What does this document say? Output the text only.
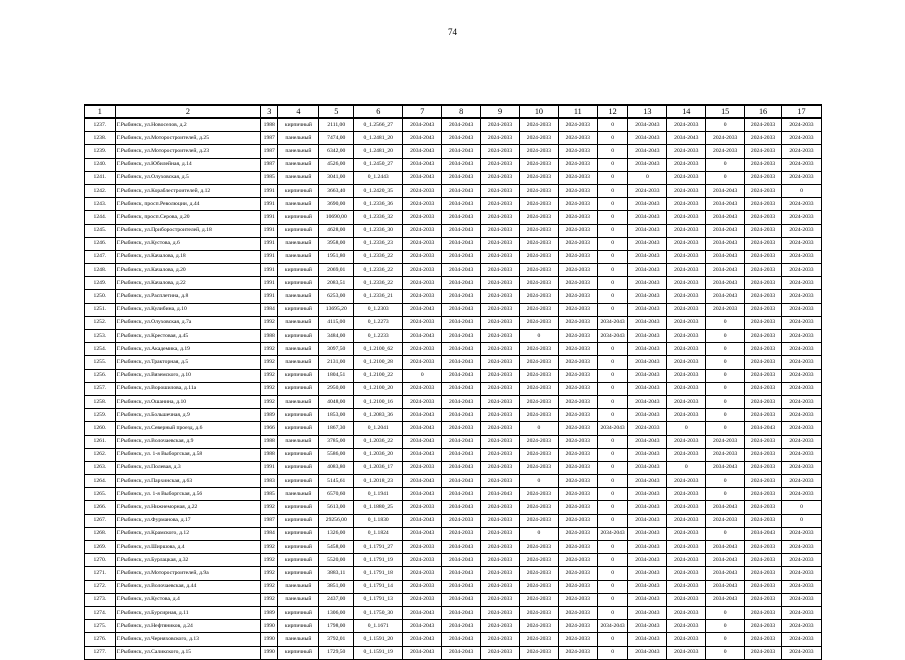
74
1	2	3	4	5	6	7	8	9	10	11	12	13	14	15	16	17
1237.	Г.Рыбинск, ул.Новоселов, д.2	1988	кирпичный	2111,00	0_1.2566_27	2034-2043	2034-2043	2024-2033	2024-2033	2024-2033	0	2034-2043	2024-2033	0	2024-2033	2024-2033
1238.	Г.Рыбинск, ул.Моторостроителей, д.25	1987	панельный	7474,00	0_1.2481_20	2034-2043	2034-2043	2024-2033	2024-2033	2024-2033	0	2034-2043	2034-2043	2024-2033	2024-2033	2024-2033
1239.	Г.Рыбинск, ул.Моторостроителей, д.23	1987	панельный	6342,00	0_1.2481_20	2034-2043	2034-2043	2024-2033	2024-2033	2024-2033	0	2034-2043	2024-2033	2024-2033	2024-2033	2024-2033
1240.	Г.Рыбинск, ул.Юбилейная, д.14	1987	панельный	4526,00	0_1.2450_27	2034-2043	2034-2043	2024-2033	2024-2033	2024-2033	0	2034-2043	2024-2033	0	2024-2033	2024-2033
1241.	Г.Рыбинск, ул.Олуховская, д.5	1985	панельный	3041,00	0_1.2443	2034-2043	2034-2043	2024-2033	2024-2033	2024-2033	0	0	2024-2033	0	2024-2033	2024-2033
1242.	Г.Рыбинск, ул.Кораблестроителей, д.12	1991	кирпичный	3663,40	0_1.2420_35	2024-2033	2034-2043	2024-2033	2024-2033	2024-2033	0	2024-2033	2024-2033	2034-2043	2024-2033	0
1243.	Г.Рыбинск, просп.Революции, д.44	1991	панельный	3690,00	0_1.2336_36	2024-2033	2034-2043	2024-2033	2024-2033	2024-2033	0	2034-2043	2024-2033	2034-2043	2024-2033	2024-2033
1244.	Г.Рыбинск, просп.Серова, д.20	1991	кирпичный	10690,00	0_1.2336_32	2024-2033	2034-2043	2024-2033	2024-2033	2024-2033	0	2034-2043	2024-2033	2034-2043	2024-2033	2024-2033
1245.	Г.Рыбинск, ул.Приборостроителей, д.18	1991	кирпичный	4628,00	0_1.2336_30	2024-2033	2034-2043	2024-2033	2024-2033	2024-2033	0	2034-2043	2024-2033	2034-2043	2024-2033	2024-2033
1246.	Г.Рыбинск, ул.Кустова, д.6	1991	панельный	3958,00	0_1.2336_23	2024-2033	2034-2043	2024-2033	2024-2033	2024-2033	0	2034-2043	2024-2033	2034-2043	2024-2033	2024-2033
1247.	Г.Рыбинск, ул.Качалова, д.18	1991	панельный	1951,80	0_1.2336_22	2024-2033	2034-2043	2024-2033	2024-2033	2024-2033	0	2034-2043	2024-2033	2034-2043	2024-2033	2024-2033
1248.	Г.Рыбинск, ул.Качалова, д.20	1991	кирпичный	2069,01	0_1.2336_22	2024-2033	2034-2043	2024-2033	2024-2033	2024-2033	0	2034-2043	2024-2033	2034-2043	2024-2033	2024-2033
1249.	Г.Рыбинск, ул.Качалова, д.22	1991	кирпичный	2083,51	0_1.2336_22	2024-2033	2034-2043	2024-2033	2024-2033	2024-2033	0	2034-2043	2024-2033	2034-2043	2024-2033	2024-2033
1250.	Г.Рыбинск, ул.Расплетина, д.8	1991	панельный	6253,00	0_1.2336_21	2024-2033	2034-2043	2024-2033	2024-2033	2024-2033	0	2034-2043	2024-2033	2034-2043	2024-2033	2024-2033
1251.	Г.Рыбинск, ул.Кулибина, д.10	1984	кирпичный	13695,20	0_1.2303	2034-2043	2034-2043	2024-2033	2024-2033	2024-2033	0	2034-2043	2024-2033	2024-2033	2024-2033	2024-2033
1252.	Г.Рыбинск, ул.Олуховская, д.7а	1992	панельный	4115,00	0_1.2273	2024-2033	2034-2043	2024-2033	2024-2033	2024-2033	2034-2043	2034-2043	2024-2033	0	2024-2033	2024-2033
1253.	Г.Рыбинск, ул.Крестовая, д.45	1988	кирпичный	3484,00	0_1.2233	2034-2043	2034-2043	2024-2033	0	2024-2033	2034-2043	2034-2043	2024-2033	0	2024-2033	2024-2033
1254.	Г.Рыбинск, ул.Академика, д.19	1992	панельный	3097,50	0_1.2100_62	2024-2033	2034-2043	2024-2033	2024-2033	2024-2033	0	2034-2043	2024-2033	0	2024-2033	2024-2033
1255.	Г.Рыбинск, ул.Тракторная, д.5	1992	панельный	2131,00	0_1.2100_28	2024-2033	2034-2043	2024-2033	2024-2033	2024-2033	0	2034-2043	2024-2033	0	2024-2033	2024-2033
1256.	Г.Рыбинск, ул.Вяземского, д.10	1992	кирпичный	1804,51	0_1.2100_22	0	2034-2043	2024-2033	2024-2033	2024-2033	0	2034-2043	2024-2033	0	2024-2033	2024-2033
1257.	Г.Рыбинск, ул.Ворошилова, д.11а	1992	кирпичный	2950,00	0_1.2100_20	2024-2033	2034-2043	2024-2033	2024-2033	2024-2033	0	2034-2043	2024-2033	0	2024-2033	2024-2033
1258.	Г.Рыбинск, ул.Ошанина, д.10	1992	панельный	4048,00	0_1.2100_16	2024-2033	2034-2043	2024-2033	2024-2033	2024-2033	0	2034-2043	2024-2033	0	2024-2033	2024-2033
1259.	Г.Рыбинск, ул.Большечная, д.9	1989	кирпичный	1853,00	0_1.2083_36	2034-2043	2034-2043	2024-2033	2024-2033	2024-2033	0	2034-2043	2024-2033	0	2024-2033	2024-2033
1260.	Г.Рыбинск, ул.Северный проезд, д.6	1966	кирпичный	1867,30	0_1.2041	2034-2043	2024-2033	2024-2033	0	2024-2033	2034-2043	2024-2033	0	0	2034-2043	2024-2033
1261.	Г.Рыбинск, ул.Волочаевская, д.9	1988	панельный	3785,00	0_1.2036_22	2034-2043	2034-2043	2024-2033	2024-2033	2024-2033	0	2034-2043	2024-2033	2024-2033	2024-2033	2024-2033
1262.	Г.Рыбинск, ул. 1-я Выборгская, д.58	1988	кирпичный	5586,00	0_1.2036_20	2034-2043	2034-2043	2024-2033	2024-2033	2024-2033	0	2034-2043	2024-2033	2024-2033	2024-2033	2024-2033
1263.	Г.Рыбинск, ул.Полевая, д.3	1991	кирпичный	4083,80	0_1.2036_17	2024-2033	2034-2043	2024-2033	2024-2033	2024-2033	0	2034-2043	0	2034-2043	2024-2033	2024-2033
1264.	Г.Рыбинск, ул.Пархинская, д.63	1983	кирпичный	5145,61	0_1.2018_23	2034-2043	2034-2043	2024-2033	0	2024-2033	0	2034-2043	2024-2033	0	2024-2033	2024-2033
1265.	Г.Рыбинск, ул. 1-я Выборгская, д.56	1985	панельный	6570,60	0_1.1941	2034-2043	2034-2043	2034-2043	2024-2033	2024-2033	0	2034-2043	2024-2033	0	2024-2033	2024-2033
1266.	Г.Рыбинск, ул.Нижнеморная, д.22	1992	кирпичный	5613,00	0_1.1880_25	2024-2033	2034-2043	2024-2033	2024-2033	2024-2033	0	2034-2043	2024-2033	2034-2043	2024-2033	0
1267.	Г.Рыбинск, ул.Фурманова, д.17	1987	кирпичный	29256,00	0_1.1830	2034-2043	2024-2033	2024-2033	2024-2033	2024-2033	0	2034-2043	2024-2033	2024-2033	2024-2033	0
1268.	Г.Рыбинск, ул.Крамского, д.12	1984	кирпичный	1326,00	0_1.1824	2034-2043	2024-2033	2024-2033	0	2024-2033	2034-2043	2034-2043	2024-2033	0	2034-2043	2024-2033
1269.	Г.Рыбинск, ул.Ширшова, д.4	1992	кирпичный	5458,00	0_1.1791_27	2024-2033	2034-2043	2024-2033	2024-2033	2024-2033	0	2034-2043	2024-2033	2034-2043	2024-2033	2024-2033
1270.	Г.Рыбинск, ул.Бурлацкая, д.32	1992	кирпичный	5520,00	0_1.1791_19	2024-2033	2034-2043	2024-2033	2024-2033	2024-2033	0	2034-2043	2024-2033	2034-2043	2024-2033	2024-2033
1271.	Г.Рыбинск, ул.Моторостроителей, д.9а	1992	кирпичный	3883,11	0_1.1791_18	2024-2033	2034-2043	2024-2033	2024-2033	2024-2033	0	2034-2043	2024-2033	2034-2043	2024-2033	2024-2033
1272.	Г.Рыбинск, ул.Волочаевская, д.44	1992	панельный	3851,00	0_1.1791_14	2024-2033	2034-2043	2024-2033	2024-2033	2024-2033	0	2034-2043	2024-2033	2034-2043	2024-2033	2024-2033
1273.	Г.Рыбинск, ул.Кустова, д.4	1992	панельный	2437,00	0_1.1791_13	2024-2033	2034-2043	2024-2033	2024-2033	2024-2033	0	2034-2043	2024-2033	2034-2043	2024-2033	2024-2033
1274.	Г.Рыбинск, ул.Бурсирная, д.11	1989	кирпичный	1306,00	0_1.1750_30	2034-2043	2034-2043	2024-2033	2024-2033	2024-2033	0	2034-2043	2024-2033	0	2024-2033	2024-2033
1275.	Г.Рыбинск, ул.Нефтяников, д.24	1990	кирпичный	1798,00	0_1.1671	2034-2043	2034-2043	2024-2033	2024-2033	2024-2033	2034-2043	2034-2043	2024-2033	0	2024-2033	2024-2033
1276.	Г.Рыбинск, ул.Черняховского, д.13	1990	панельный	3792,01	0_1.1591_20	2034-2043	2034-2043	2024-2033	2024-2033	2024-2033	0	2034-2043	2024-2033	0	2024-2033	2024-2033
1277.	Г.Рыбинск, ул.Саликского, д.15	1990	кирпичный	1729,50	0_1.1591_19	2034-2043	2034-2043	2024-2033	2024-2033	2024-2033	0	2034-2043	2024-2033	0	2024-2033	2024-2033
